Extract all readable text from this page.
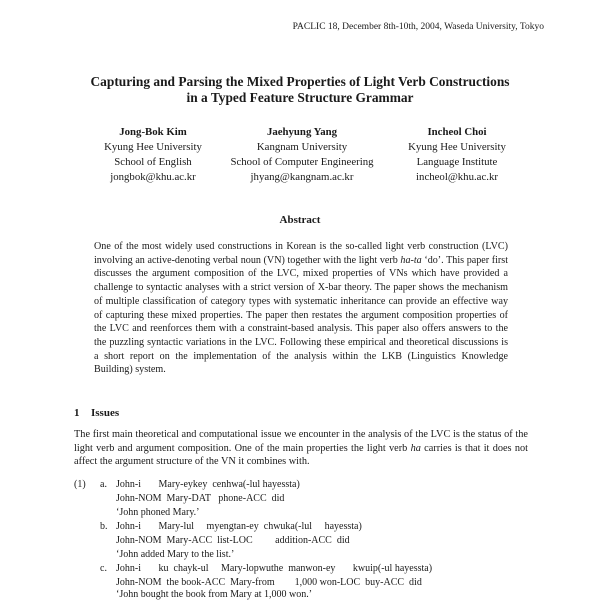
PACLIC 18, December 8th-10th, 2004, Waseda University, Tokyo
Capturing and Parsing the Mixed Properties of Light Verb Constructions
in a Typed Feature Structure Grammar
Jong-Bok Kim
Kyung Hee University
School of English
jongbok@khu.ac.kr
Jaehyung Yang
Kangnam University
School of Computer Engineering
jhyang@kangnam.ac.kr
Incheol Choi
Kyung Hee University
Language Institute
incheol@khu.ac.kr
Abstract
One of the most widely used constructions in Korean is the so-called light verb construction (LVC) involving an active-denoting verbal noun (VN) together with the light verb ha-ta ‘do’. This paper first discusses the argument composition of the LVC, mixed properties of VNs which have provided a challenge to syntactic analyses with a strict version of X-bar theory. The paper shows the mechanism of multiple classification of category types with systematic inheritance can provide an effective way of capturing these mixed properties. The paper then restates the argument composition properties of the LVC and reenforces them with a constraint-based analysis. This paper also offers answers to the the puzzling syntactic variations in the LVC. Following these empirical and theoretical discussions is a short report on the implementation of the analysis within the LKB (Linguistics Knowledge Building) system.
1 Issues
The first main theoretical and computational issue we encounter in the analysis of the LVC is the status of the light verb and argument composition. One of the main properties the light verb ha carries is that it does not affect the argument structure of the VN it combines with.
(1) a. John-i       Mary-eykey  cenhwa(-lul hayessta)
John-NOM  Mary-DAT   phone-ACC  did
‘John phoned Mary.’
b. John-i       Mary-lul     myengtan-ey  chwuka(-lul     hayessta)
John-NOM  Mary-ACC  list-LOC         addition-ACC  did
‘John added Mary to the list.’
c. John-i       ku  chayk-ul     Mary-lopwuthe  manwon-ey       kwuip(-ul hayessta)
John-NOM  the book-ACC  Mary-from        1,000 won-LOC  buy-ACC  did
‘John bought the book from Mary at 1,000 won.’
